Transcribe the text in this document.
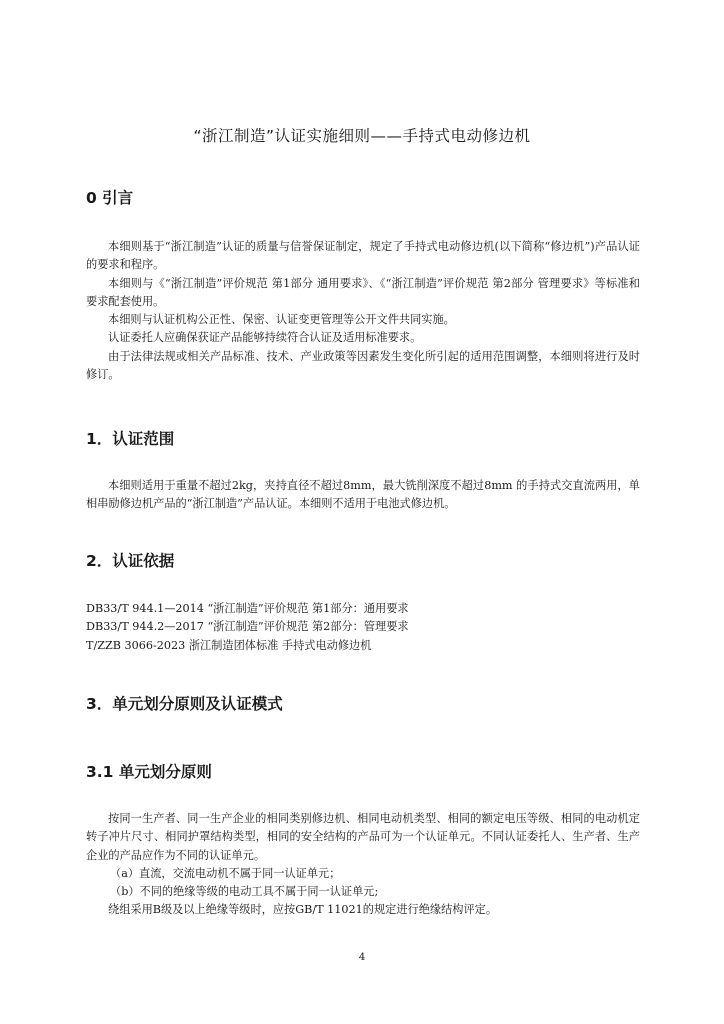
“浙江制造”认证实施细则——手持式电动修边机
0 引言

本细则基于“浙江制造”认证的质量与信誉保证制定，规定了手持式电动修边机(以下简称“修边机”)产品认证的要求和程序。

本细则与《“浙江制造”评价规范 第1部分 通用要求》、《“浙江制造”评价规范 第2部分 管理要求》等标准和要求配套使用。

本细则与认证机构公正性、保密、认证变更管理等公开文件共同实施。

认证委托人应确保获证产品能够持续符合认证及适用标准要求。

由于法律法规或相关产品标准、技术、产业政策等因素发生变化所引起的适用范围调整，本细则将进行及时修订。

1．认证范围

本细则适用于重量不超过2kg，夹持直径不超过8mm，最大铣削深度不超过8mm 的手持式交直流两用，单相串励修边机产品的“浙江制造”产品认证。本细则不适用于电池式修边机。

2．认证依据
DB33/T 944.1—2014 “浙江制造”评价规范 第1部分：通用要求
DB33/T 944.2—2017 “浙江制造”评价规范 第2部分：管理要求
T/ZZB 3066-2023 浙江制造团体标准 手持式电动修边机
3．单元划分原则及认证模式
3.1 单元划分原则

按同一生产者、同一生产企业的相同类别修边机、相同电动机类型、相同的额定电压等级、相同的电动机定转子冲片尺寸、相同护罩结构类型，相同的安全结构的产品可为一个认证单元。不同认证委托人、生产者、生产企业的产品应作为不同的认证单元。

（a）直流，交流电动机不属于同一认证单元；

（b）不同的绝缘等级的电动工具不属于同一认证单元;

绕组采用B级及以上绝缘等级时，应按GB/T 11021的规定进行绝缘结构评定。

4
